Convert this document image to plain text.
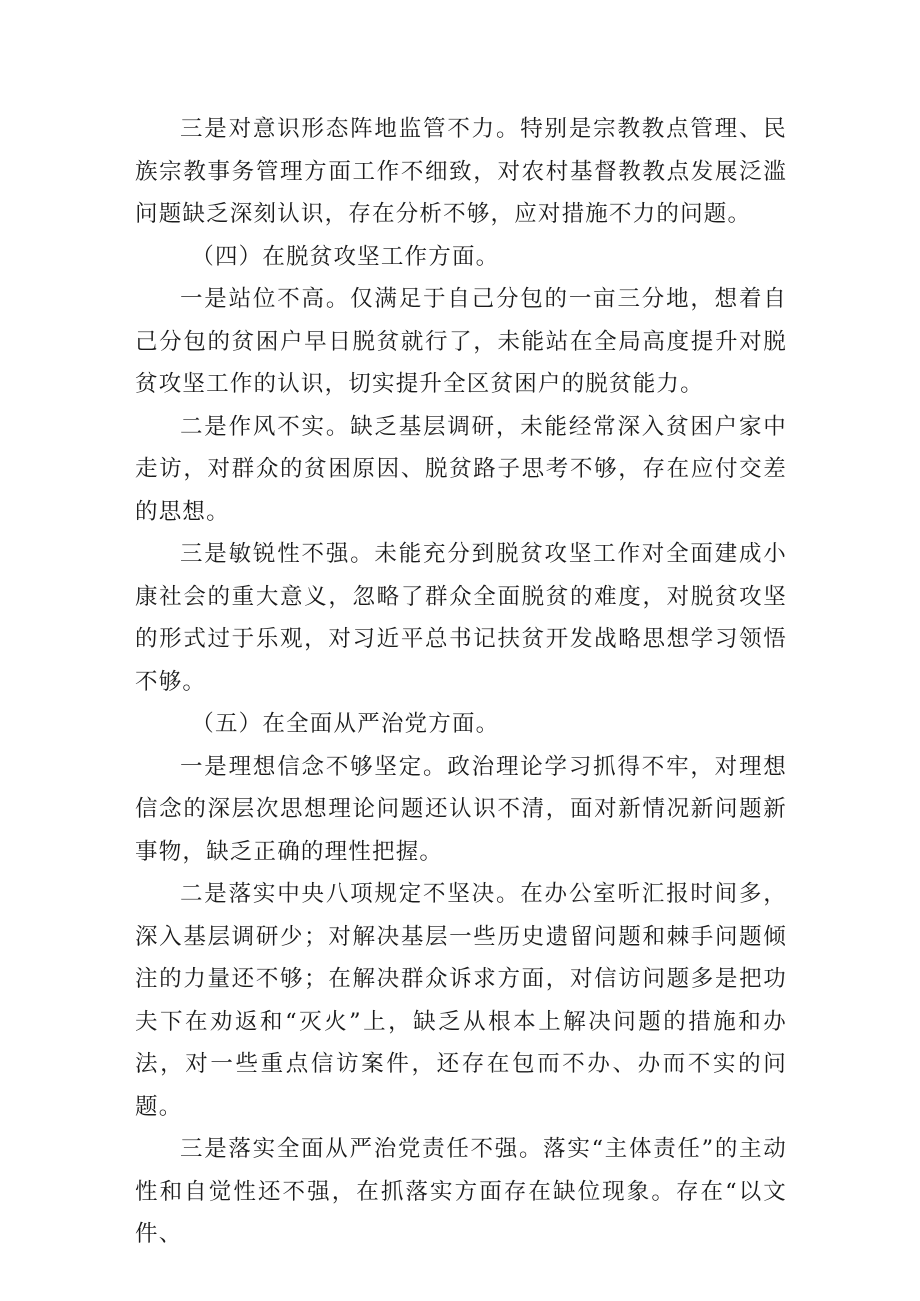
三是对意识形态阵地监管不力。特别是宗教教点管理、民族宗教事务管理方面工作不细致，对农村基督教教点发展泛滥问题缺乏深刻认识，存在分析不够，应对措施不力的问题。

（四）在脱贫攻坚工作方面。

一是站位不高。仅满足于自己分包的一亩三分地，想着自己分包的贫困户早日脱贫就行了，未能站在全局高度提升对脱贫攻坚工作的认识，切实提升全区贫困户的脱贫能力。

二是作风不实。缺乏基层调研，未能经常深入贫困户家中走访，对群众的贫困原因、脱贫路子思考不够，存在应付交差的思想。

三是敏锐性不强。未能充分到脱贫攻坚工作对全面建成小康社会的重大意义，忽略了群众全面脱贫的难度，对脱贫攻坚的形式过于乐观，对习近平总书记扶贫开发战略思想学习领悟不够。

（五）在全面从严治党方面。

一是理想信念不够坚定。政治理论学习抓得不牢，对理想信念的深层次思想理论问题还认识不清，面对新情况新问题新事物，缺乏正确的理性把握。

二是落实中央八项规定不坚决。在办公室听汇报时间多，深入基层调研少；对解决基层一些历史遗留问题和棘手问题倾注的力量还不够；在解决群众诉求方面，对信访问题多是把功夫下在劝返和“灭火”上，缺乏从根本上解决问题的措施和办法，对一些重点信访案件，还存在包而不办、办而不实的问题。

三是落实全面从严治党责任不强。落实“主体责任”的主动性和自觉性还不强，在抓落实方面存在缺位现象。存在“以文件、
